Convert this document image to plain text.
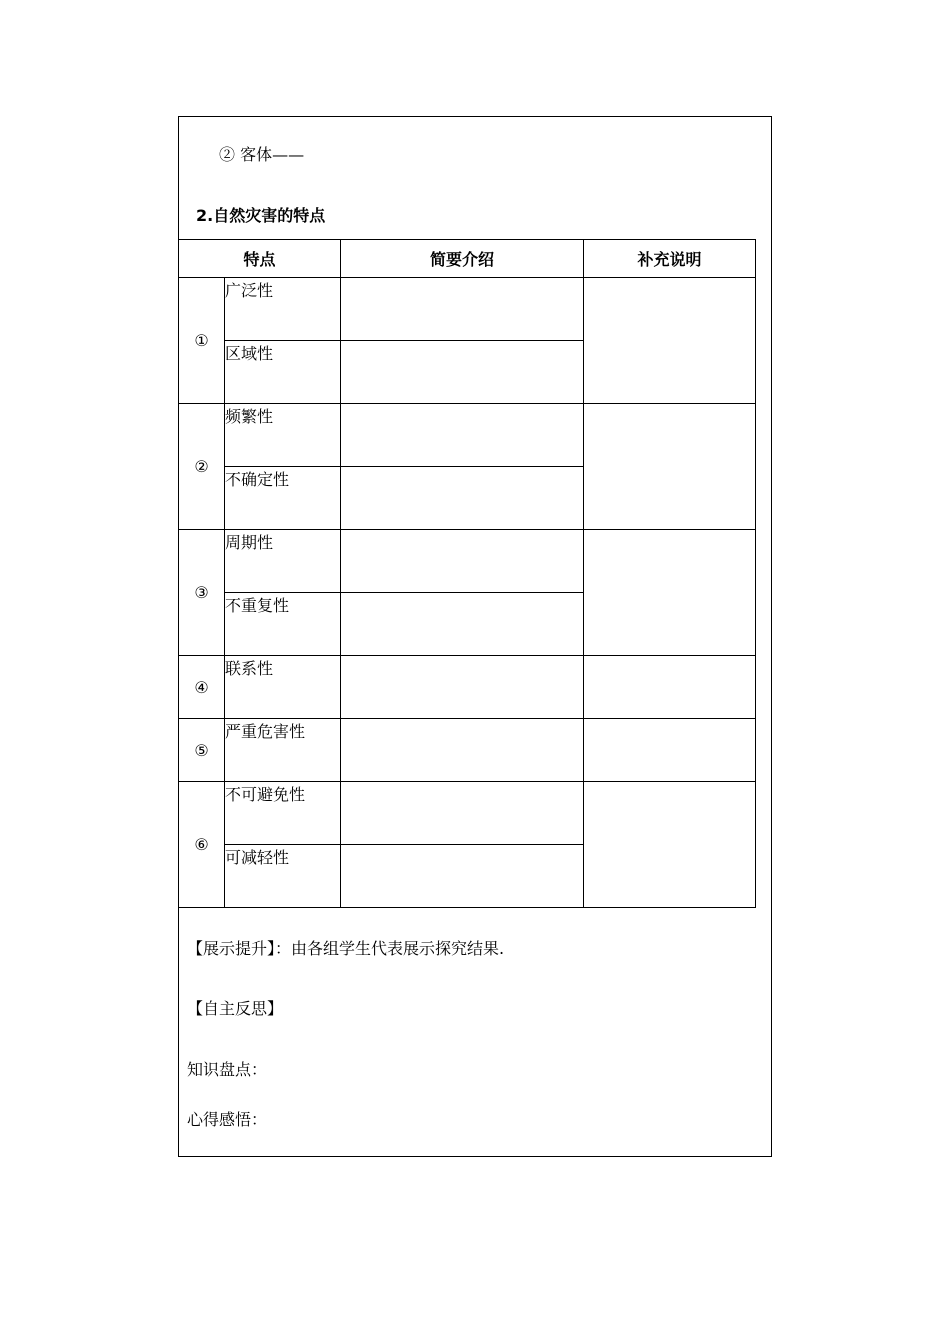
② 客体——
2.自然灾害的特点
特点		简要介绍	补充说明
①	广泛性		
	区域性		
②	频繁性		
	不确定性		
③	周期性		
	不重复性		
④	联系性		
⑤	严重危害性		
⑥	不可避免性		
	可减轻性		
【展示提升】：由各组学生代表展示探究结果.
【自主反思】
知识盘点：
心得感悟：
